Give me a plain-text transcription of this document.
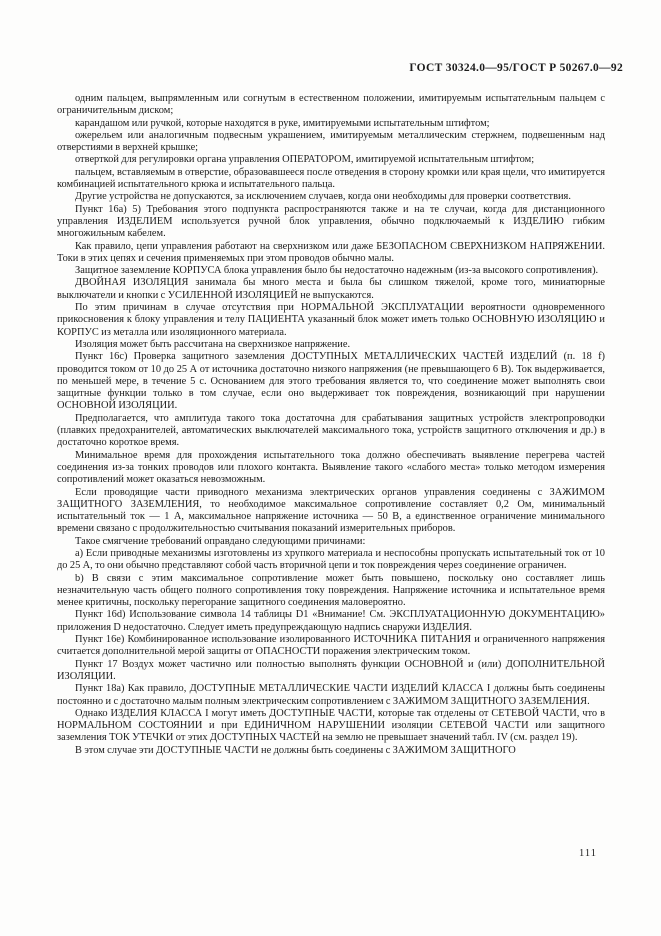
ГОСТ 30324.0—95/ГОСТ Р 50267.0—92

одним пальцем, выпрямленным или согнутым в естественном положении, имитируемым испытательным пальцем с ограничительным диском;

карандашом или ручкой, которые находятся в руке, имитируемыми испытательным штифтом;

ожерельем или аналогичным подвесным украшением, имитируемым металлическим стержнем, подвешенным над отверстиями в верхней крышке;

отверткой для регулировки органа управления ОПЕРАТОРОМ, имитируемой испытательным штифтом;

пальцем, вставляемым в отверстие, образовавшееся после отведения в сторону кромки или края щели, что имитируется комбинацией испытательного крюка и испытательного пальца.

Другие устройства не допускаются, за исключением случаев, когда они необходимы для проверки соответствия.

Пункт 16а) 5) Требования этого подпункта распространяются также и на те случаи, когда для дистанционного управления ИЗДЕЛИЕМ используется ручной блок управления, обычно подключаемый к ИЗДЕЛИЮ гибким многожильным кабелем.

Как правило, цепи управления работают на сверхнизком или даже БЕЗОПАСНОМ СВЕРХНИЗКОМ НАПРЯЖЕНИИ. Токи в этих цепях и сечения применяемых при этом проводов обычно малы.

Защитное заземление КОРПУСА блока управления было бы недостаточно надежным (из-за высокого сопротивления).

ДВОЙНАЯ ИЗОЛЯЦИЯ занимала бы много места и была бы слишком тяжелой, кроме того, миниатюрные выключатели и кнопки с УСИЛЕННОЙ ИЗОЛЯЦИЕЙ не выпускаются.

По этим причинам в случае отсутствия при НОРМАЛЬНОЙ ЭКСПЛУАТАЦИИ вероятности одновременного прикосновения к блоку управления и телу ПАЦИЕНТА указанный блок может иметь только ОСНОВНУЮ ИЗОЛЯЦИЮ и КОРПУС из металла или изоляционного материала.

Изоляция может быть рассчитана на сверхнизкое напряжение.

Пункт 16с) Проверка защитного заземления ДОСТУПНЫХ МЕТАЛЛИЧЕСКИХ ЧАСТЕЙ ИЗДЕЛИЙ (п. 18 f) проводится током от 10 до 25 А от источника достаточно низкого напряжения (не превышающего 6 В). Ток выдерживается, по меньшей мере, в течение 5 с. Основанием для этого требования является то, что соединение может выполнять свои защитные функции только в том случае, если оно выдерживает ток повреждения, возникающий при нарушении ОСНОВНОЙ ИЗОЛЯЦИИ.

Предполагается, что амплитуда такого тока достаточна для срабатывания защитных устройств электропроводки (плавких предохранителей, автоматических выключателей максимального тока, устройств защитного отключения и др.) в достаточно короткое время.

Минимальное время для прохождения испытательного тока должно обеспечивать выявление перегрева частей соединения из-за тонких проводов или плохого контакта. Выявление такого «слабого места» только методом измерения сопротивлений может оказаться невозможным.

Если проводящие части приводного механизма электрических органов управления соединены с ЗАЖИМОМ ЗАЩИТНОГО ЗАЗЕМЛЕНИЯ, то необходимое максимальное сопротивление составляет 0,2 Ом, минимальный испытательный ток — 1 А, максимальное напряжение источника — 50 В, а единственное ограничение минимального времени связано с продолжительностью считывания показаний измерительных приборов.

Такое смягчение требований оправдано следующими причинами:

а) Если приводные механизмы изготовлены из хрупкого материала и неспособны пропускать испытательный ток от 10 до 25 А, то они обычно представляют собой часть вторичной цепи и ток повреждения через соединение ограничен.

b) В связи с этим максимальное сопротивление может быть повышено, поскольку оно составляет лишь незначительную часть общего полного сопротивления току повреждения. Напряжение источника и испытательное время менее критичны, поскольку перегорание защитного соединения маловероятно.

Пункт 16d) Использование символа 14 таблицы D1 «Внимание! См. ЭКСПЛУАТАЦИОННУЮ ДОКУМЕНТАЦИЮ» приложения D недостаточно. Следует иметь предупреждающую надпись снаружи ИЗДЕЛИЯ.

Пункт 16е) Комбинированное использование изолированного ИСТОЧНИКА ПИТАНИЯ и ограниченного напряжения считается дополнительной мерой защиты от ОПАСНОСТИ поражения электрическим током.

Пункт 17 Воздух может частично или полностью выполнять функции ОСНОВНОЙ и (или) ДОПОЛНИТЕЛЬНОЙ ИЗОЛЯЦИИ.

Пункт 18а) Как правило, ДОСТУПНЫЕ МЕТАЛЛИЧЕСКИЕ ЧАСТИ ИЗДЕЛИЙ КЛАССА I должны быть соединены постоянно и с достаточно малым полным электрическим сопротивлением с ЗАЖИМОМ ЗАЩИТНОГО ЗАЗЕМЛЕНИЯ.

Однако ИЗДЕЛИЯ КЛАССА I могут иметь ДОСТУПНЫЕ ЧАСТИ, которые так отделены от СЕТЕВОЙ ЧАСТИ, что в НОРМАЛЬНОМ СОСТОЯНИИ и при ЕДИНИЧНОМ НАРУШЕНИИ изоляции СЕТЕВОЙ ЧАСТИ или защитного заземления ТОК УТЕЧКИ от этих ДОСТУПНЫХ ЧАСТЕЙ на землю не превышает значений табл. IV (см. раздел 19).

В этом случае эти ДОСТУПНЫЕ ЧАСТИ не должны быть соединены с ЗАЖИМОМ ЗАЩИТНОГО

111
